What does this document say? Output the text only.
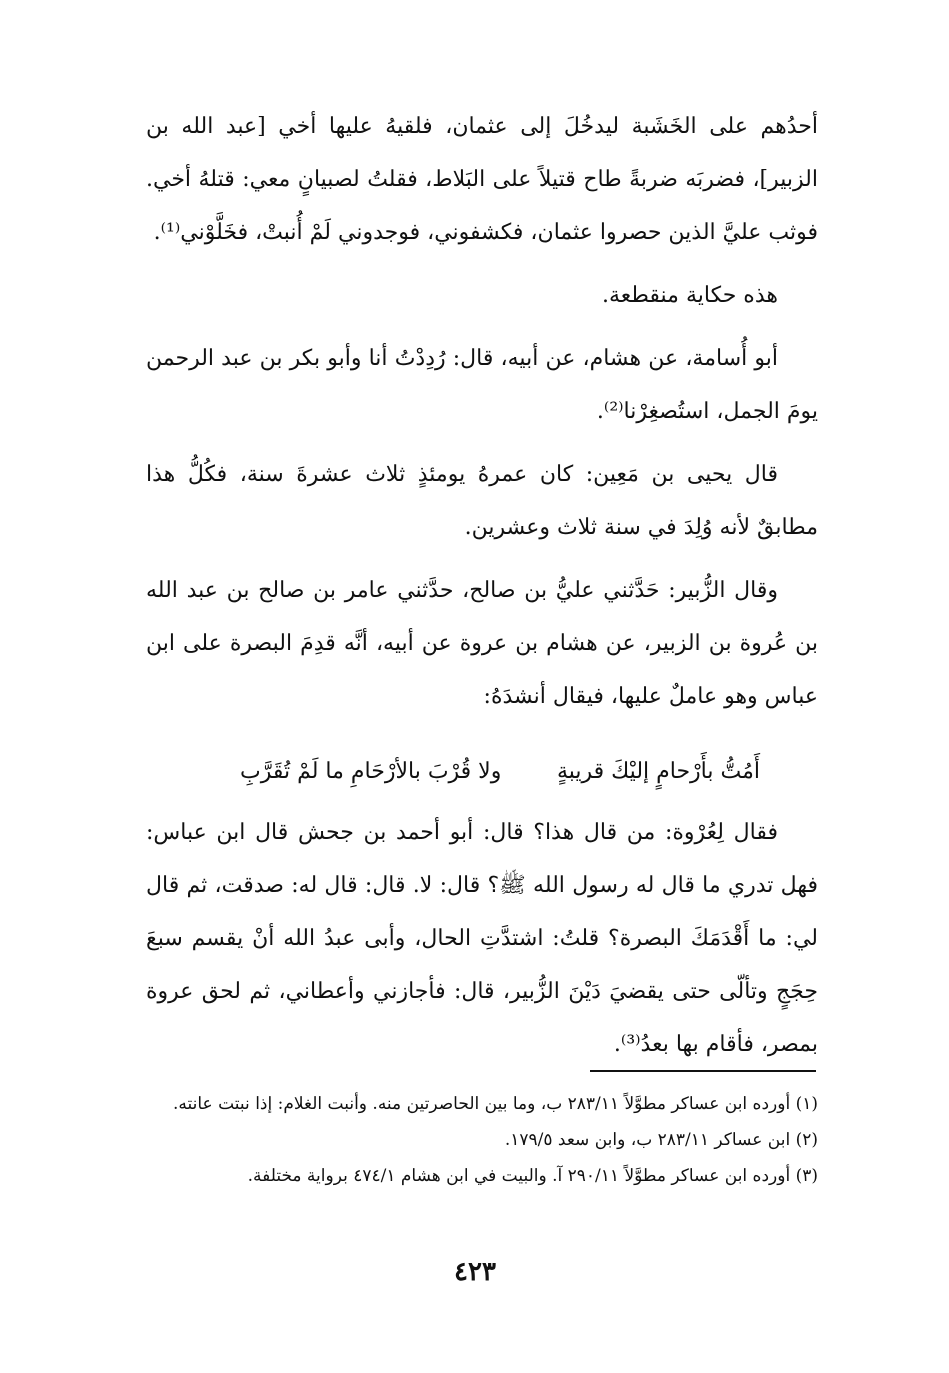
أحدُهم على الخَشَبة ليدخُلَ إلى عثمان، فلقيهُ عليها أخي [عبد الله بن الزبير]، فضربَه ضربةً طاح قتيلاً على البَلاط، فقلتُ لصبيانٍ معي: قتلهُ أخي. فوثب عليَّ الذين حصروا عثمان، فكشفوني، فوجدوني لَمْ أُنبتْ، فخَلَّوْني⁽¹⁾.

هذه حكاية منقطعة.

أبو أُسامة، عن هشام، عن أبيه، قال: رُدِدْتُ أنا وأبو بكر بن عبد الرحمن يومَ الجمل، استُصغِرْنا⁽²⁾.

قال يحيى بن مَعِين: كان عمرهُ يومئذٍ ثلاث عشرةَ سنة، فكُلُّ هذا مطابقٌ لأنه وُلِدَ في سنة ثلاث وعشرين.

وقال الزُّبير: حَدَّثني عليُّ بن صالح، حدَّثني عامر بن صالح بن عبد الله بن عُروة بن الزبير، عن هشام بن عروة عن أبيه، أنَّه قدِمَ البصرة على ابن عباس وهو عاملٌ عليها، فيقال أنشدَهُ:

أَمُتُّ بأَرْحامٍ إليْكَ قريبةٍ
ولا قُرْبَ بالأرْحَامِ ما لَمْ تُقَرَّبِ

فقال لِعُرْوة: من قال هذا؟ قال: أبو أحمد بن جحش قال ابن عباس: فهل تدري ما قال له رسول الله ﷺ؟ قال: لا. قال: قال له: صدقت، ثم قال لي: ما أَقْدَمَكَ البصرة؟ قلتُ: اشتدَّتِ الحال، وأبى عبدُ الله أنْ يقسم سبعَ حِجَجٍ وتألّى حتى يقضيَ دَيْنَ الزُّبير، قال: فأجازني وأعطاني، ثم لحق عروة بمصر، فأقام بها بعدُ⁽³⁾.

(١) أورده ابن عساكر مطوَّلاً ٢٨٣/١١ ب، وما بين الحاصرتين منه. وأنبت الغلام: إذا نبتت عانته.

(٢) ابن عساكر ٢٨٣/١١ ب، وابن سعد ١٧٩/٥.

(٣) أورده ابن عساكر مطوَّلاً ٢٩٠/١١ آ. والبيت في ابن هشام ٤٧٤/١ برواية مختلفة.

٤٢٣
